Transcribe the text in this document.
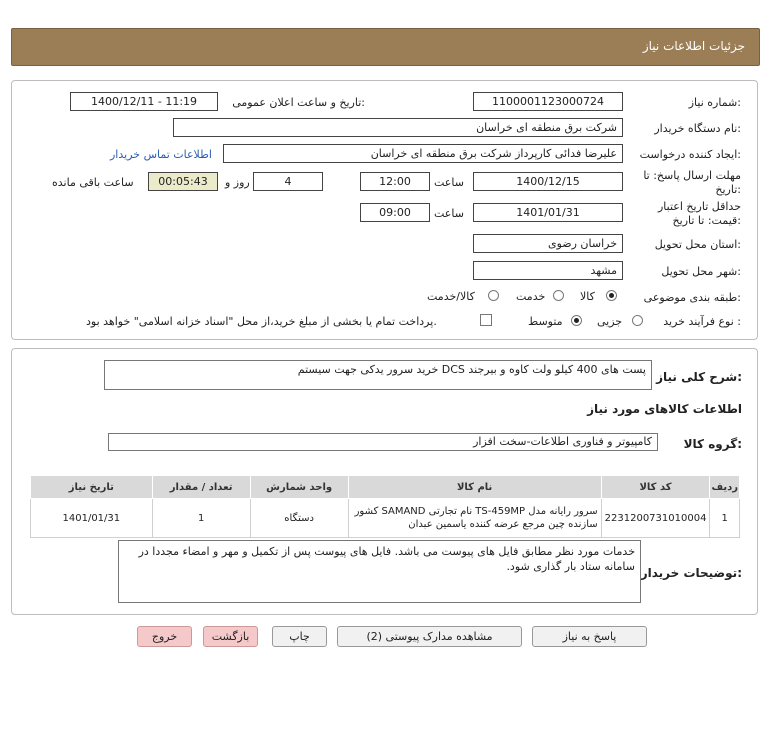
جزئیات اطلاعات نیاز
شماره نیاز:
1100001123000724
تاریخ و ساعت اعلان عمومی:
1400/12/11 - 11:19
نام دستگاه خریدار:
شرکت برق منطقه ای خراسان
ایجاد کننده درخواست:
علیرضا فدائی کارپرداز شرکت برق منطقه ای خراسان
اطلاعات تماس خریدار
مهلت ارسال پاسخ: تا تاریخ:
1400/12/15
ساعت
12:00
4
روز و
00:05:43
ساعت باقی مانده
حداقل تاریخ اعتبار قیمت: تا تاریخ:
1401/01/31
ساعت
09:00
استان محل تحویل:
خراسان رضوی
شهر محل تحویل:
مشهد
طبقه بندی موضوعی:
کالا
خدمت
کالا/خدمت
نوع فرآیند خرید :
جزیی
متوسط
پرداخت تمام یا بخشی از مبلغ خرید،از محل "اسناد خزانه اسلامی" خواهد بود.
شرح کلی نیاز:
خرید سرور یدکی جهت سیستم DCS پست های 400 کیلو ولت کاوه و بیرجند
اطلاعات کالاهای مورد نیاز
گروه کالا:
کامپیوتر و فناوری اطلاعات-سخت افزار
ردیف	کد کالا	نام کالا	واحد شمارش	تعداد / مقدار	تاریخ نیاز
1	2231200731010004	سرور رایانه مدل TS-459MP نام تجارتی SAMAND کشور سازنده چین مرجع عرضه کننده یاسمین عبدان	دستگاه	1	1401/01/31
توضیحات خریدار:
خدمات مورد نظر مطابق فایل های پیوست می باشد. فایل های پیوست پس از تکمیل و مهر و امضاء مجددا در سامانه ستاد بار گذاری شود.
پاسخ به نیاز
مشاهده مدارک پیوستی (2)
چاپ
بازگشت
خروج
